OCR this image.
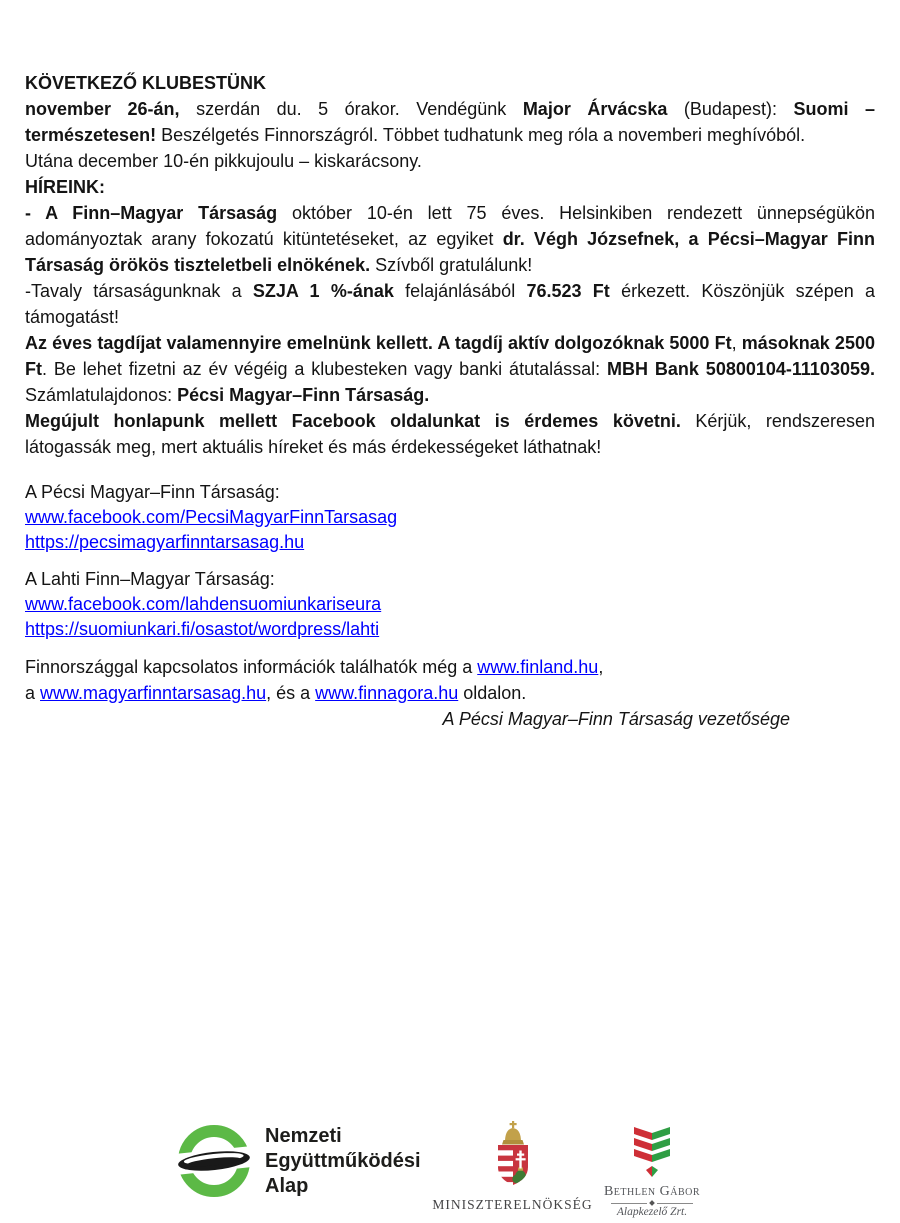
KÖVETKEZŐ KLUBESTÜNK

november 26-án, szerdán du. 5 órakor. Vendégünk Major Árvácska (Budapest): Suomi – természetesen! Beszélgetés Finnországról. Többet tudhatunk meg róla a novemberi meghívóból.

Utána december 10-én pikkujoulu – kiskarácsony.

HÍREINK:

- A Finn–Magyar Társaság október 10-én lett 75 éves. Helsinkiben rendezett ünnepségükön adományoztak arany fokozatú kitüntetéseket, az egyiket dr. Végh Józsefnek, a Pécsi–Magyar Finn Társaság örökös tiszteletbeli elnökének. Szívből gratulálunk!

-Tavaly társaságunknak a SZJA 1 %-ának felajánlásából 76.523 Ft érkezett. Köszönjük szépen a támogatást!

Az éves tagdíjat valamennyire emelnünk kellett. A tagdíj aktív dolgozóknak 5000 Ft, másoknak 2500 Ft. Be lehet fizetni az év végéig a klubesteken vagy banki átutalással: MBH Bank 50800104-11103059. Számlatulajdonos: Pécsi Magyar–Finn Társaság.

Megújult honlapunk mellett Facebook oldalunkat is érdemes követni. Kérjük, rendszeresen látogassák meg, mert aktuális híreket és más érdekességeket láthatnak!

A Pécsi Magyar–Finn Társaság:
www.facebook.com/PecsiMagyarFinnTarsasag
https://pecsimagyarfinntarsasag.hu
A Lahti Finn–Magyar Társaság:
www.facebook.com/lahdensuomiunkariseura
https://suomiunkari.fi/osastot/wordpress/lahti
Finnországgal kapcsolatos információk találhatók még a www.finland.hu,
a www.magyarfinntarsasag.hu, és a www.finnagora.hu oldalon.

A Pécsi Magyar–Finn Társaság vezetősége

Nemzeti
Együttműködési
Alap
MINISZTERELNÖKSÉG
Bethlen Gábor
Alapkezelő Zrt.
